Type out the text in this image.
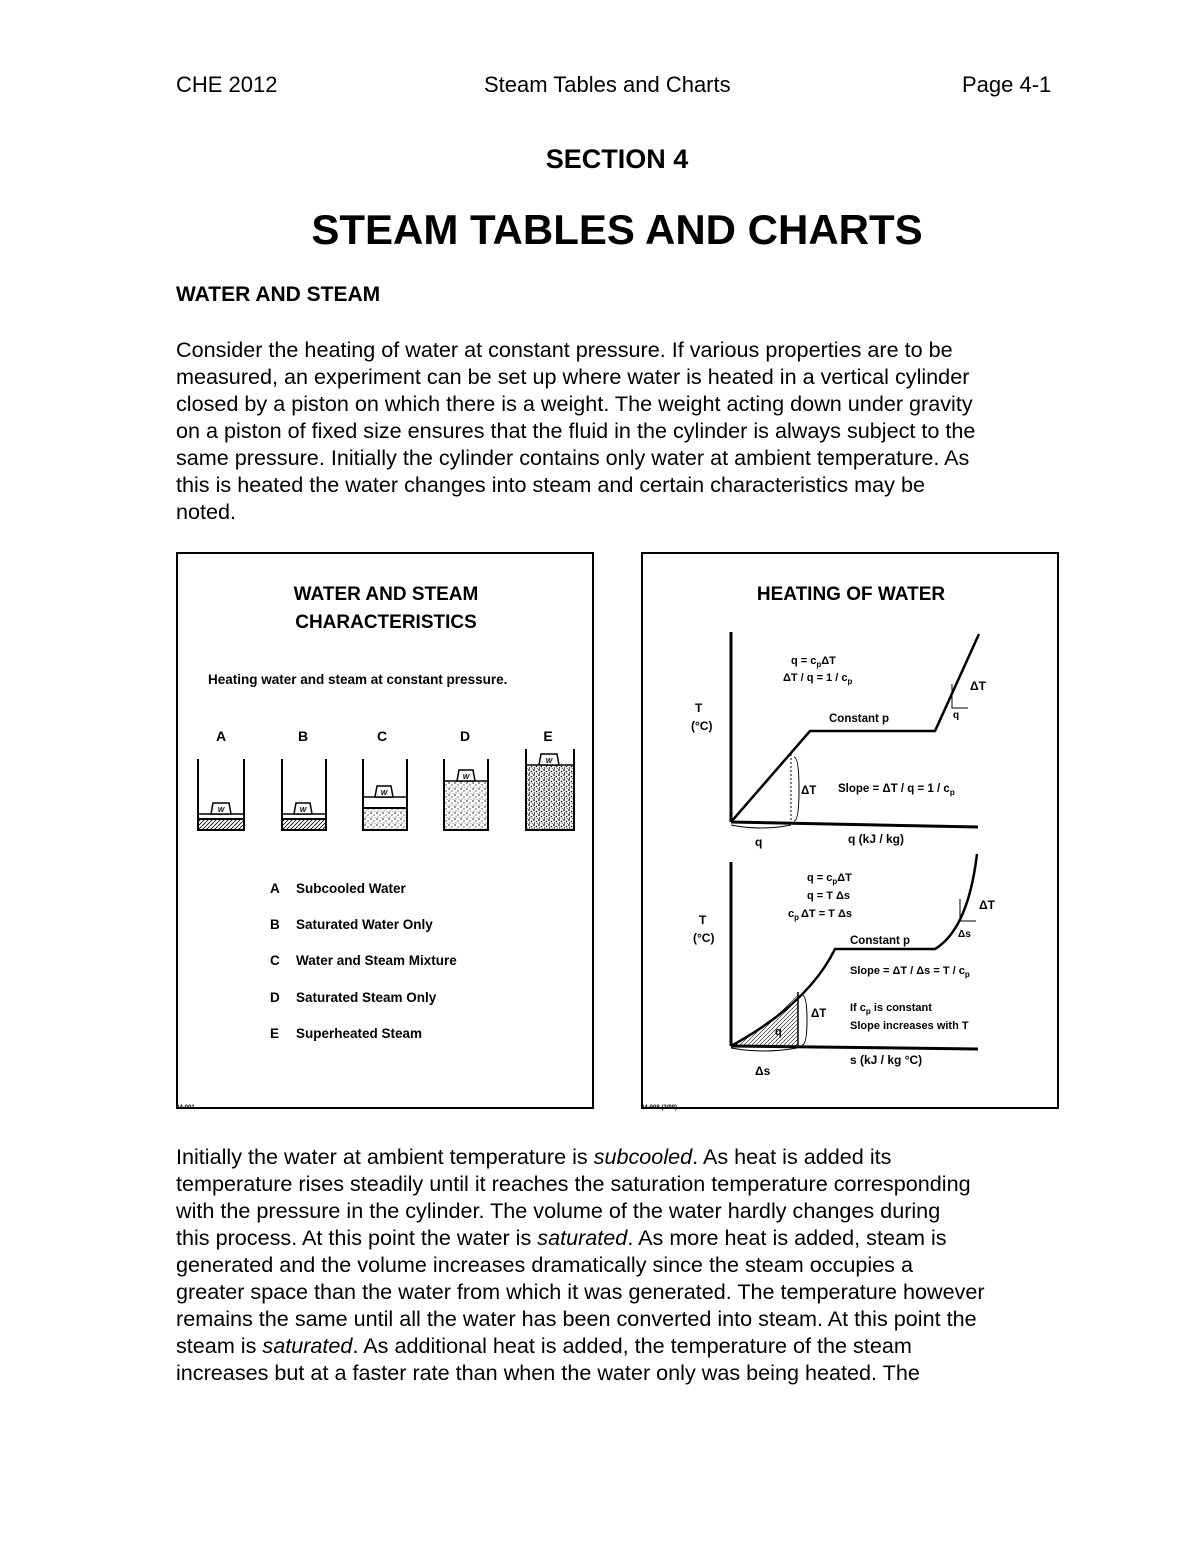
CHE 2012	Steam Tables and Charts	Page 4-1
SECTION 4
STEAM TABLES AND CHARTS
WATER AND STEAM
Consider the heating of water at constant pressure. If various properties are to be
measured, an experiment can be set up where water is heated in a vertical cylinder
closed by a piston on which there is a weight. The weight acting down under gravity
on a piston of fixed size ensures that the fluid in the cylinder is always subject to the
same pressure. Initially the cylinder contains only water at ambient temperature. As
this is heated the water changes into steam and certain characteristics may be
noted.
WATER AND STEAM
CHARACTERISTICS
Heating water and steam at constant pressure.
A	B	C	D	E
W	W
W
W
W
A Subcooled Water
B Saturated Water Only
C Water and Steam Mixture
D Saturated Steam Only
E Superheated Steam
34-001
HEATING OF WATER
T
(°C)
$q = c_p\Delta T$
$\Delta T / q = 1 / c_p$
Constant p
ΔT
q
ΔT Slope = $\Delta T / q = 1 / c_p$
q	q (kJ / kg)
T
(°C)
$q = c_p\Delta T$
q = T Δs
$c_p$ ΔT = T Δs
Constant p
ΔT
Δs
Slope = $\Delta T / \Delta s = T / c_p$
ΔT
q
If $c_p$ is constant
Slope increases with T
Δs
s (kJ / kg °C)
34-008 (2/98)
Initially the water at ambient temperature is subcooled. As heat is added its
temperature rises steadily until it reaches the saturation temperature corresponding
with the pressure in the cylinder. The volume of the water hardly changes during
this process. At this point the water is saturated. As more heat is added, steam is
generated and the volume increases dramatically since the steam occupies a
greater space than the water from which it was generated. The temperature however
remains the same until all the water has been converted into steam. At this point the
steam is saturated. As additional heat is added, the temperature of the steam
increases but at a faster rate than when the water only was being heated. The
